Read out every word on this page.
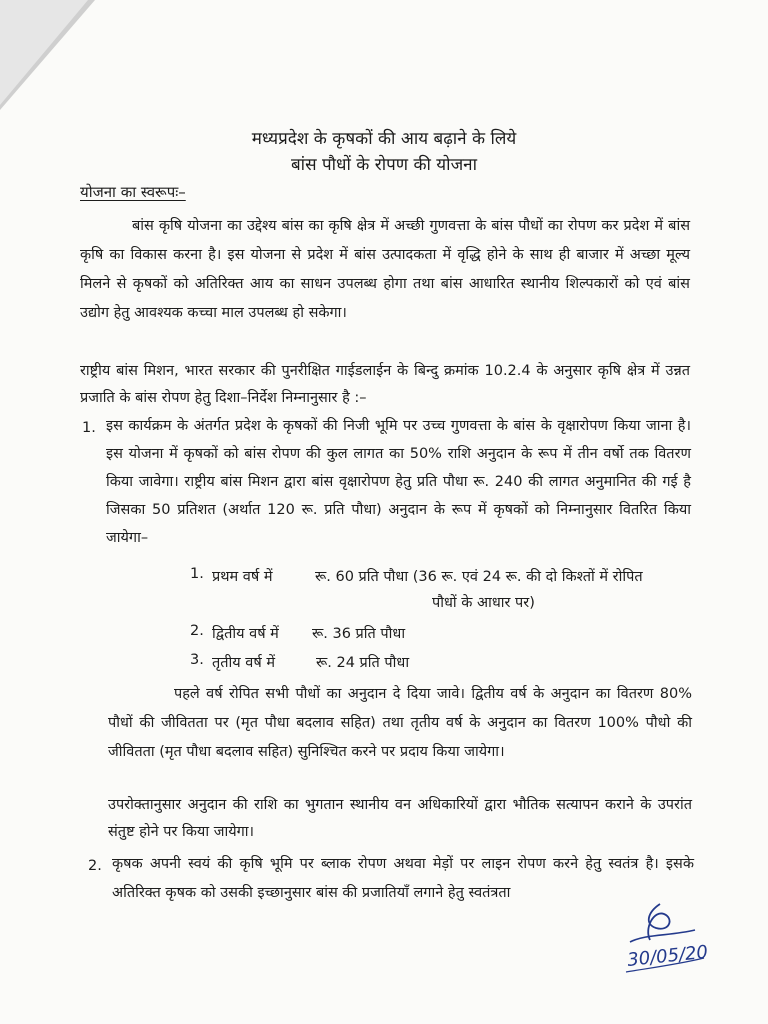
मध्यप्रदेश के कृषकों की आय बढ़ाने के लिये
बांस पौधों के रोपण की योजना
योजना का स्वरूपः–

बांस कृषि योजना का उद्देश्य बांस का कृषि क्षेत्र में अच्छी गुणवत्ता के बांस पौधों का रोपण कर प्रदेश में बांस कृषि का विकास करना है। इस योजना से प्रदेश में बांस उत्पादकता में वृद्धि होने के साथ ही बाजार में अच्छा मूल्य मिलने से कृषकों को अतिरिक्त आय का साधन उपलब्ध होगा तथा बांस आधारित स्थानीय शिल्पकारों को एवं बांस उद्योग हेतु आवश्यक कच्चा माल उपलब्ध हो सकेगा।

राष्ट्रीय बांस मिशन, भारत सरकार की पुनरीक्षित गाईडलाईन के बिन्दु क्रमांक 10.2.4 के अनुसार कृषि क्षेत्र में उन्नत प्रजाति के बांस रोपण हेतु दिशा–निर्देश निम्नानुसार है :–

1. इस कार्यक्रम के अंतर्गत प्रदेश के कृषकों की निजी भूमि पर उच्च गुणवत्ता के बांस के वृक्षारोपण किया जाना है। इस योजना में कृषकों को बांस रोपण की कुल लागत का 50% राशि अनुदान के रूप में तीन वर्षो तक वितरण किया जावेगा। राष्ट्रीय बांस मिशन द्वारा बांस वृक्षारोपण हेतु प्रति पौधा रू. 240 की लागत अनुमानित की गई है जिसका 50 प्रतिशत (अर्थात 120 रू. प्रति पौधा) अनुदान के रूप में कृषकों को निम्नानुसार वितरित किया जायेगा–

1. प्रथम वर्ष में	रू. 60 प्रति पौधा (36 रू. एवं 24 रू. की दो किश्तों में रोपित
पौधों के आधार पर)
2. द्वितीय वर्ष में रू. 36 प्रति पौधा
3. तृतीय वर्ष में	रू. 24 प्रति पौधा

पहले वर्ष रोपित सभी पौधों का अनुदान दे दिया जावे। द्वितीय वर्ष के अनुदान का वितरण 80% पौधों की जीवितता पर (मृत पौधा बदलाव सहित) तथा तृतीय वर्ष के अनुदान का वितरण 100% पौधो की जीवितता (मृत पौधा बदलाव सहित) सुनिश्चित करने पर प्रदाय किया जायेगा।

उपरोक्तानुसार अनुदान की राशि का भुगतान स्थानीय वन अधिकारियों द्वारा भौतिक सत्यापन कराने के उपरांत संतुष्ट होने पर किया जायेगा।

2. कृषक अपनी स्वयं की कृषि भूमि पर ब्लाक रोपण अथवा मेड़ों पर लाइन रोपण करने हेतु स्वतंत्र है। इसके अतिरिक्त कृषक को उसकी इच्छानुसार बांस की प्रजातियाँ लगाने हेतु स्वतंत्रता

30/05/20
